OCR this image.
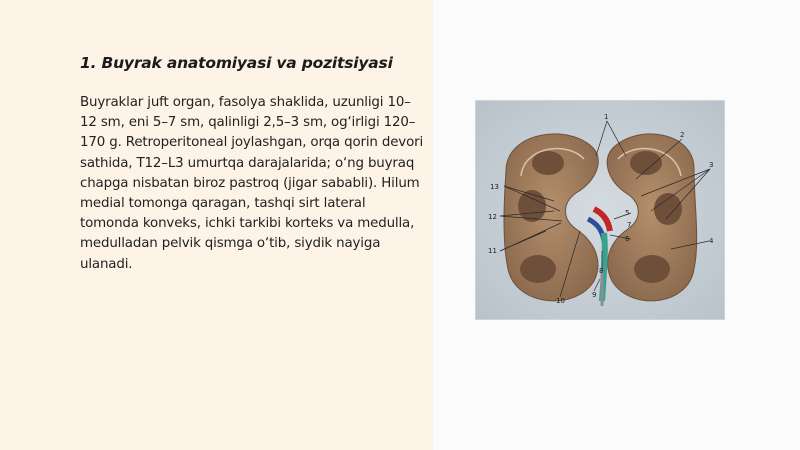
1. Buyrak anatomiyasi va pozitsiyasi

Buyraklar juft organ, fasolya shaklida, uzunligi 10–12 sm, eni 5–7 sm, qalinligi 2,5–3 sm, og‘irligi 120–170 g. Retroperitoneal joylashgan, orqa qorin devori sathida, T12–L3 umurtqa darajalarida; o‘ng buyraq chapga nisbatan biroz pastroq (jigar sababli). Hilum medial tomonga qaragan, tashqi sirt lateral tomonda konveks, ichki tarkibi korteks va medulla, medulladan pelvik qismga o‘tib, siydik nayiga ulanadi.

1
2
3
4
5
6
7
8
9
10
11
12
13
